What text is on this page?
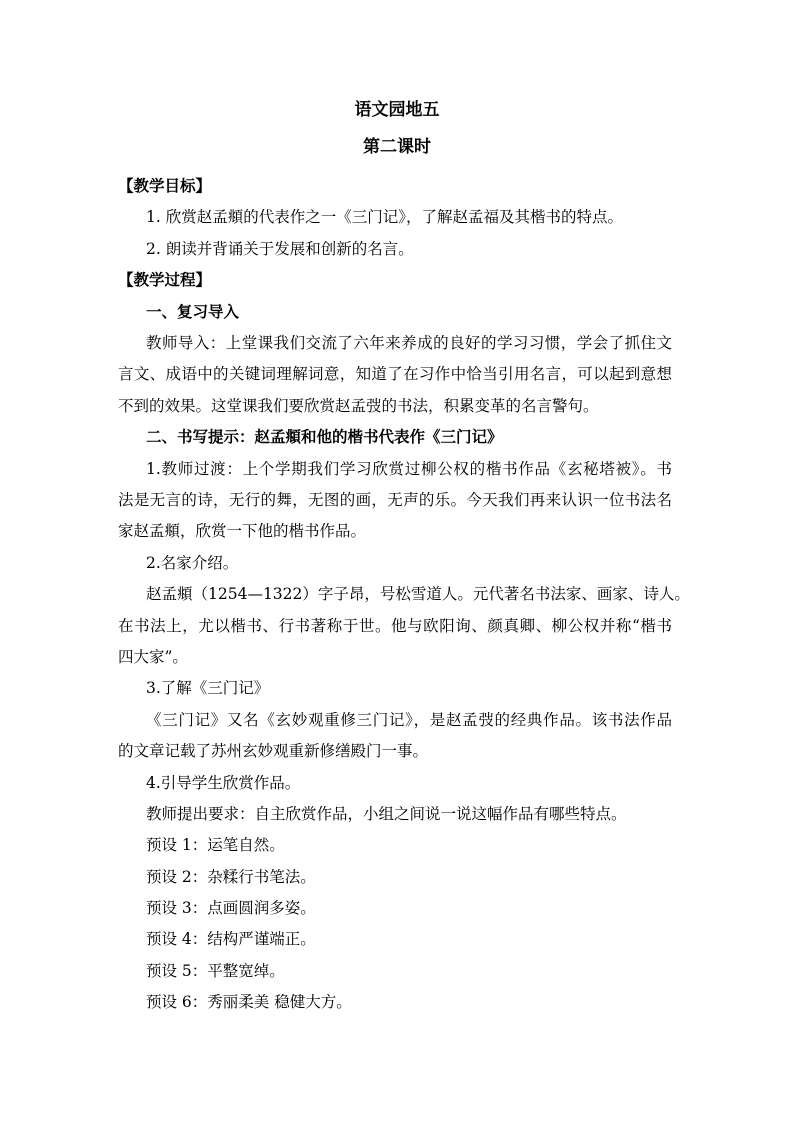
语文园地五
第二课时
【教学目标】
1. 欣赏赵孟頫的代表作之一《三门记》，了解赵孟福及其楷书的特点。
2. 朗读并背诵关于发展和创新的名言。
【教学过程】
一、复习导入
教师导入：上堂课我们交流了六年来养成的良好的学习习惯，学会了抓住文
言文、成语中的关键词理解词意，知道了在习作中恰当引用名言，可以起到意想
不到的效果。这堂课我们要欣赏赵孟弢的书法，积累变革的名言警句。
二、书写提示：赵孟頫和他的楷书代表作《三门记》
1.教师过渡：上个学期我们学习欣赏过柳公权的楷书作品《玄秘塔被》。书
法是无言的诗，无行的舞，无图的画，无声的乐。今天我们再来认识一位书法名
家赵孟頫，欣赏一下他的楷书作品。
2.名家介绍。
赵孟頫（1254—1322）字子昂，号松雪道人。元代著名书法家、画家、诗人。
在书法上，尤以楷书、行书著称于世。他与欧阳询、颜真卿、柳公权并称“楷书
四大家”。
3.了解《三门记》
《三门记》又名《玄妙观重修三门记》，是赵孟弢的经典作品。该书法作品
的文章记载了苏州玄妙观重新修缮殿门一事。
4.引导学生欣赏作品。
教师提出要求：自主欣赏作品，小组之间说一说这幅作品有哪些特点。
预设 1：运笔自然。
预设 2：杂糅行书笔法。
预设 3：点画圆润多姿。
预设 4：结构严谨端正。
预设 5：平整宽绰。
预设 6：秀丽柔美 稳健大方。
